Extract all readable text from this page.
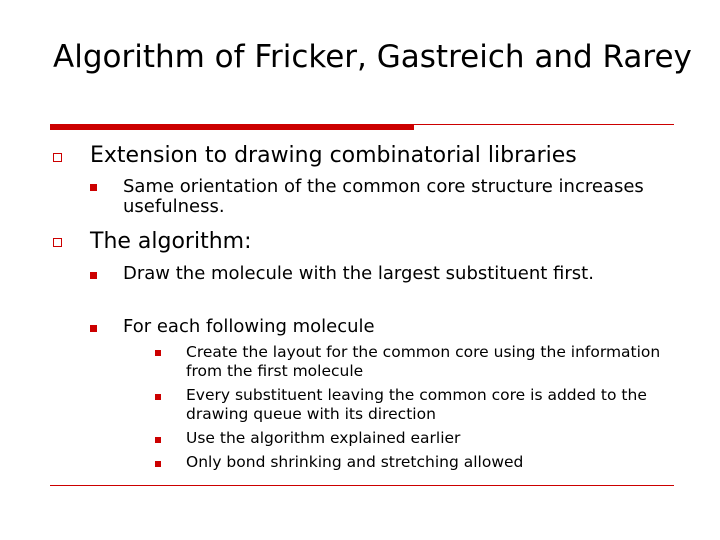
Algorithm of Fricker, Gastreich and Rarey
Extension to drawing combinatorial libraries
Same orientation of the common core structure increases usefulness.
The algorithm:
Draw the molecule with the largest substituent first.
For each following molecule
Create the layout for the common core using the information from the first molecule
Every substituent leaving the common core is added to the drawing queue with its direction
Use the algorithm explained earlier
Only bond shrinking and stretching allowed
